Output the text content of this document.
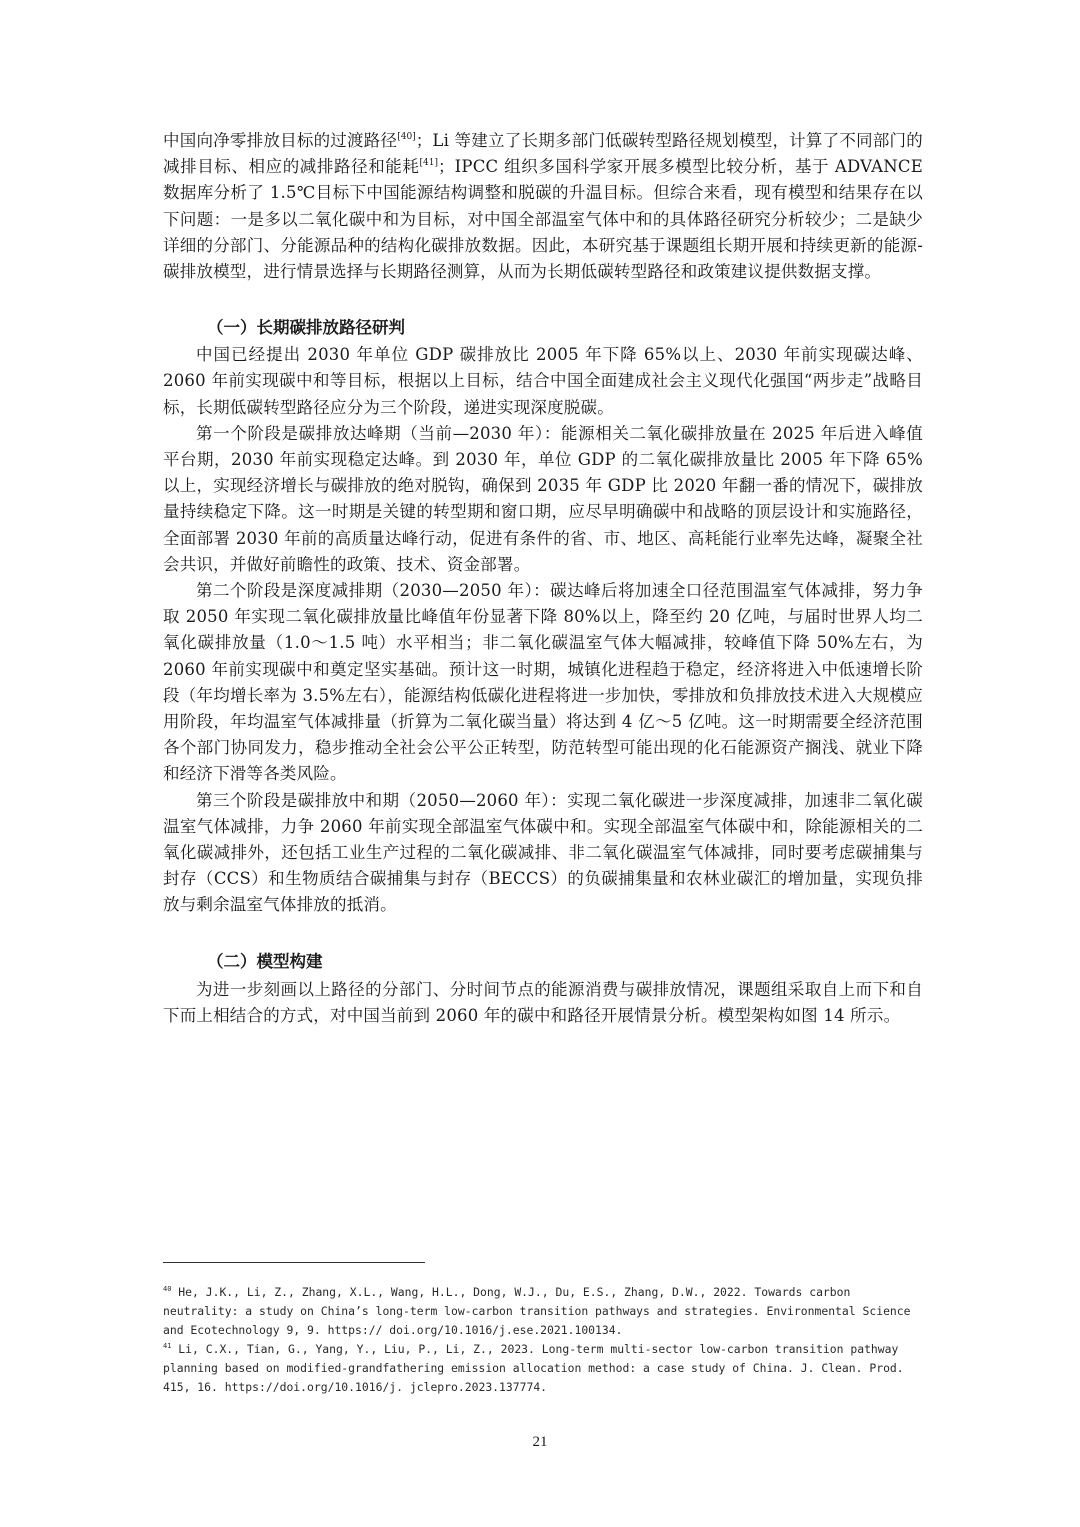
中国向净零排放目标的过渡路径[40]；Li 等建立了长期多部门低碳转型路径规划模型，计算了不同部门的减排目标、相应的减排路径和能耗[41]；IPCC 组织多国科学家开展多模型比较分析，基于 ADVANCE 数据库分析了 1.5℃目标下中国能源结构调整和脱碳的升温目标。但综合来看，现有模型和结果存在以下问题：一是多以二氧化碳中和为目标，对中国全部温室气体中和的具体路径研究分析较少；二是缺少详细的分部门、分能源品种的结构化碳排放数据。因此，本研究基于课题组长期开展和持续更新的能源-碳排放模型，进行情景选择与长期路径测算，从而为长期低碳转型路径和政策建议提供数据支撑。

（一）长期碳排放路径研判

中国已经提出 2030 年单位 GDP 碳排放比 2005 年下降 65%以上、2030 年前实现碳达峰、2060 年前实现碳中和等目标，根据以上目标，结合中国全面建成社会主义现代化强国“两步走”战略目标，长期低碳转型路径应分为三个阶段，递进实现深度脱碳。

第一个阶段是碳排放达峰期（当前—2030 年）：能源相关二氧化碳排放量在 2025 年后进入峰值平台期，2030 年前实现稳定达峰。到 2030 年，单位 GDP 的二氧化碳排放量比 2005 年下降 65%以上，实现经济增长与碳排放的绝对脱钩，确保到 2035 年 GDP 比 2020 年翻一番的情况下，碳排放量持续稳定下降。这一时期是关键的转型期和窗口期，应尽早明确碳中和战略的顶层设计和实施路径，全面部署 2030 年前的高质量达峰行动，促进有条件的省、市、地区、高耗能行业率先达峰，凝聚全社会共识，并做好前瞻性的政策、技术、资金部署。

第二个阶段是深度减排期（2030—2050 年）：碳达峰后将加速全口径范围温室气体减排，努力争取 2050 年实现二氧化碳排放量比峰值年份显著下降 80%以上，降至约 20 亿吨，与届时世界人均二氧化碳排放量（1.0～1.5 吨）水平相当；非二氧化碳温室气体大幅减排，较峰值下降 50%左右，为 2060 年前实现碳中和奠定坚实基础。预计这一时期，城镇化进程趋于稳定，经济将进入中低速增长阶段（年均增长率为 3.5%左右），能源结构低碳化进程将进一步加快，零排放和负排放技术进入大规模应用阶段，年均温室气体减排量（折算为二氧化碳当量）将达到 4 亿～5 亿吨。这一时期需要全经济范围各个部门协同发力，稳步推动全社会公平公正转型，防范转型可能出现的化石能源资产搁浅、就业下降和经济下滑等各类风险。

第三个阶段是碳排放中和期（2050—2060 年）：实现二氧化碳进一步深度减排，加速非二氧化碳温室气体减排，力争 2060 年前实现全部温室气体碳中和。实现全部温室气体碳中和，除能源相关的二氧化碳减排外，还包括工业生产过程的二氧化碳减排、非二氧化碳温室气体减排，同时要考虑碳捕集与封存（CCS）和生物质结合碳捕集与封存（BECCS）的负碳捕集量和农林业碳汇的增加量，实现负排放与剩余温室气体排放的抵消。

（二）模型构建

为进一步刻画以上路径的分部门、分时间节点的能源消费与碳排放情况，课题组采取自上而下和自下而上相结合的方式，对中国当前到 2060 年的碳中和路径开展情景分析。模型架构如图 14 所示。

$^{40}$ He, J.K., Li, Z., Zhang, X.L., Wang, H.L., Dong, W.J., Du, E.S., Zhang, D.W., 2022. Towards carbon neutrality: a study on China’s long-term low-carbon transition pathways and strategies. Environmental Science and Ecotechnology 9, 9. https:// doi.org/10.1016/j.ese.2021.100134.

$^{41}$ Li, C.X., Tian, G., Yang, Y., Liu, P., Li, Z., 2023. Long-term multi-sector low-carbon transition pathway planning based on modified-grandfathering emission allocation method: a case study of China. J. Clean. Prod. 415, 16. https://doi.org/10.1016/j. jclepro.2023.137774.

21
